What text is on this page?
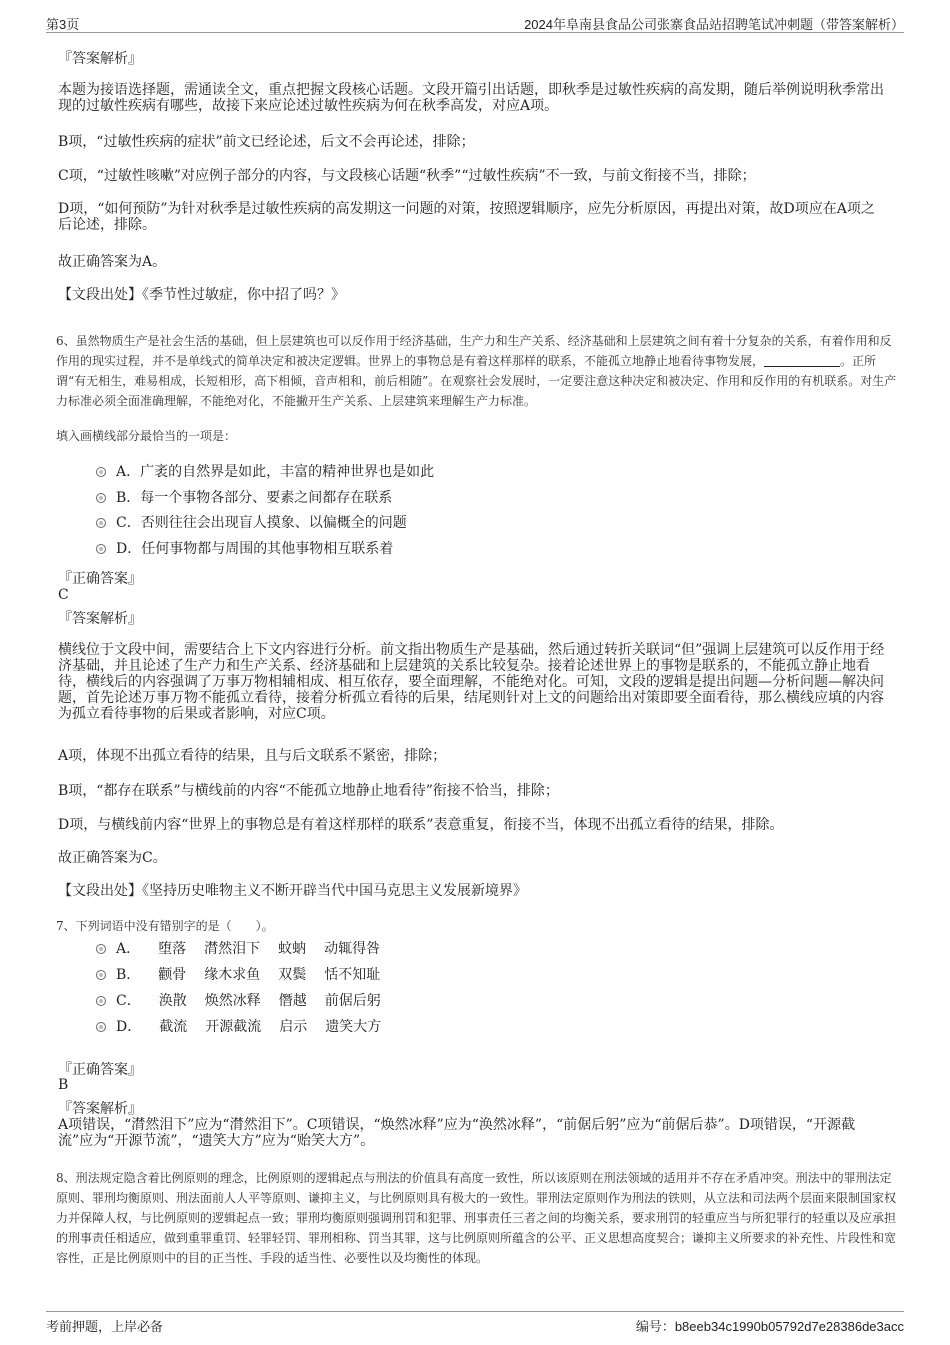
第3页	2024年阜南县食品公司张寨食品站招聘笔试冲刺题（带答案解析）
『答案解析』
本题为接语选择题，需通读全文，重点把握文段核心话题。文段开篇引出话题，即秋季是过敏性疾病的高发期，随后举例说明秋季常出现的过敏性疾病有哪些，故接下来应论述过敏性疾病为何在秋季高发，对应A项。
B项，“过敏性疾病的症状”前文已经论述，后文不会再论述，排除；
C项，“过敏性咳嗽”对应例子部分的内容，与文段核心话题“秋季”“过敏性疾病”不一致，与前文衔接不当，排除；
D项，“如何预防”为针对秋季是过敏性疾病的高发期这一问题的对策，按照逻辑顺序，应先分析原因，再提出对策，故D项应在A项之后论述，排除。
故正确答案为A。
【文段出处】《季节性过敏症，你中招了吗？》
6、虽然物质生产是社会生活的基础，但上层建筑也可以反作用于经济基础，生产力和生产关系、经济基础和上层建筑之间有着十分复杂的关系，有着作用和反作用的现实过程，并不是单线式的简单决定和被决定逻辑。世界上的事物总是有着这样那样的联系，不能孤立地静止地看待事物发展，	。正所谓“有无相生，难易相成，长短相形，高下相倾，音声相和，前后相随”。在观察社会发展时，一定要注意这种决定和被决定、作用和反作用的有机联系。对生产力标准必须全面准确理解，不能绝对化，不能撇开生产关系、上层建筑来理解生产力标准。
填入画横线部分最恰当的一项是：
A．广袤的自然界是如此，丰富的精神世界也是如此
B．每一个事物各部分、要素之间都存在联系
C．否则往往会出现盲人摸象、以偏概全的问题
D．任何事物都与周围的其他事物相互联系着
『正确答案』
C
『答案解析』
横线位于文段中间，需要结合上下文内容进行分析。前文指出物质生产是基础，然后通过转折关联词“但”强调上层建筑可以反作用于经济基础，并且论述了生产力和生产关系、经济基础和上层建筑的关系比较复杂。接着论述世界上的事物是联系的，不能孤立静止地看待，横线后的内容强调了万事万物相辅相成、相互依存，要全面理解，不能绝对化。可知，文段的逻辑是提出问题—分析问题—解决问题，首先论述万事万物不能孤立看待，接着分析孤立看待的后果，结尾则针对上文的问题给出对策即要全面看待，那么横线应填的内容为孤立看待事物的后果或者影响，对应C项。
A项，体现不出孤立看待的结果，且与后文联系不紧密，排除；
B项，“都存在联系”与横线前的内容“不能孤立地静止地看待”衔接不恰当，排除；
D项，与横线前内容“世界上的事物总是有着这样那样的联系”表意重复，衔接不当，体现不出孤立看待的结果，排除。
故正确答案为C。
【文段出处】《坚持历史唯物主义不断开辟当代中国马克思主义发展新境界》
7、下列词语中没有错别字的是（　　）。
A． 堕落 潸然泪下 蚊蚋 动辄得咎
B． 颧骨 缘木求鱼 双鬓 恬不知耻
C． 涣散 焕然冰释 僭越 前倨后躬
D． 截流 开源截流 启示 遗笑大方
『正确答案』
B
『答案解析』
A项错误，“潸然泪下”应为“潸然泪下”。C项错误，“焕然冰释”应为“涣然冰释”，“前倨后躬”应为“前倨后恭”。D项错误，“开源截流”应为“开源节流”，“遗笑大方”应为“贻笑大方”。
8、刑法规定隐含着比例原则的理念，比例原则的逻辑起点与刑法的价值具有高度一致性，所以该原则在刑法领域的适用并不存在矛盾冲突。刑法中的罪刑法定原则、罪刑均衡原则、刑法面前人人平等原则、谦抑主义，与比例原则具有极大的一致性。罪刑法定原则作为刑法的铁则，从立法和司法两个层面来限制国家权力并保障人权，与比例原则的逻辑起点一致；罪刑均衡原则强调刑罚和犯罪、刑事责任三者之间的均衡关系，要求刑罚的轻重应当与所犯罪行的轻重以及应承担的刑事责任相适应，做到重罪重罚、轻罪轻罚、罪刑相称、罚当其罪，这与比例原则所蕴含的公平、正义思想高度契合；谦抑主义所要求的补充性、片段性和宽容性，正是比例原则中的目的正当性、手段的适当性、必要性以及均衡性的体现。
考前押题，上岸必备	编号：b8eeb34c1990b05792d7e28386de3acc
